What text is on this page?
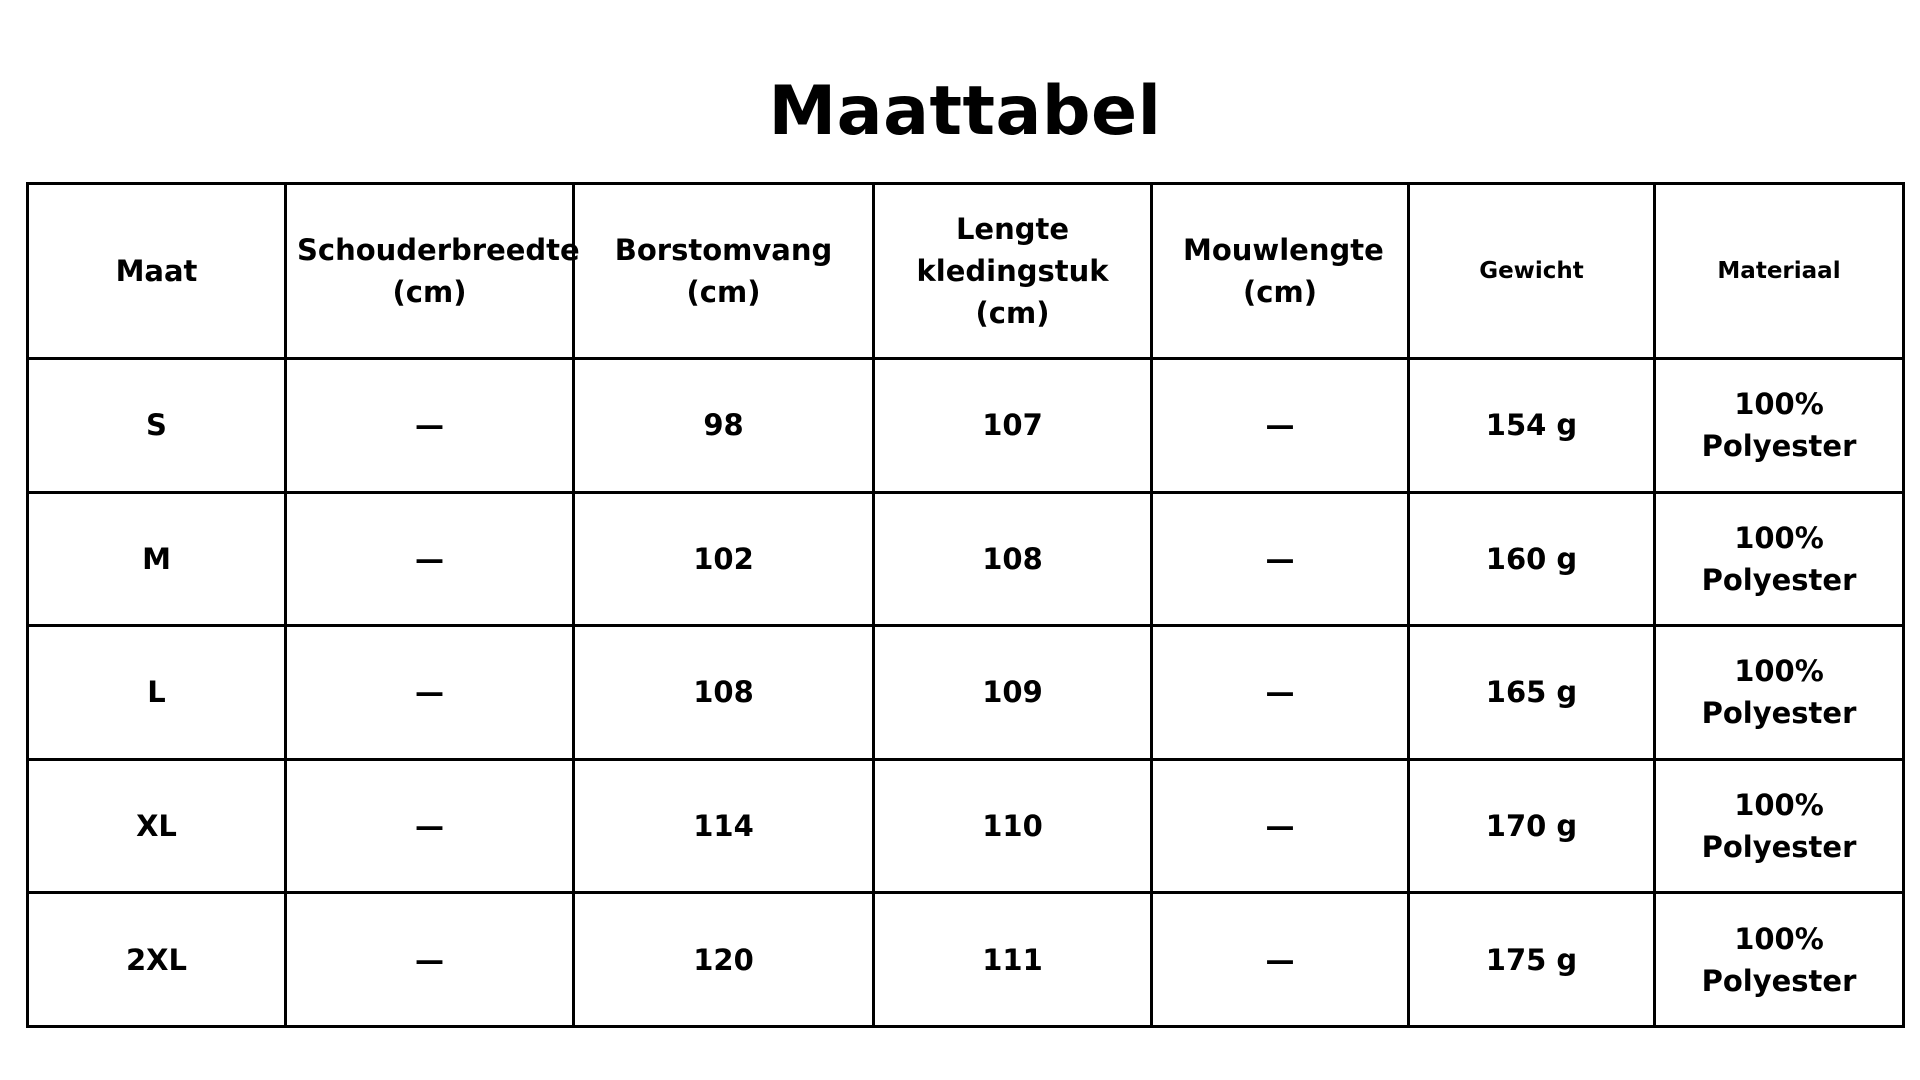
Maattabel
Maat	Schouderbreedte (cm)	Borstomvang (cm)	Lengte kledingstuk (cm)	Mouwlengte (cm)	Gewicht	Materiaal
S	—	98	107	—	154 g	100% Polyester
M	—	102	108	—	160 g	100% Polyester
L	—	108	109	—	165 g	100% Polyester
XL	—	114	110	—	170 g	100% Polyester
2XL	—	120	111	—	175 g	100% Polyester
